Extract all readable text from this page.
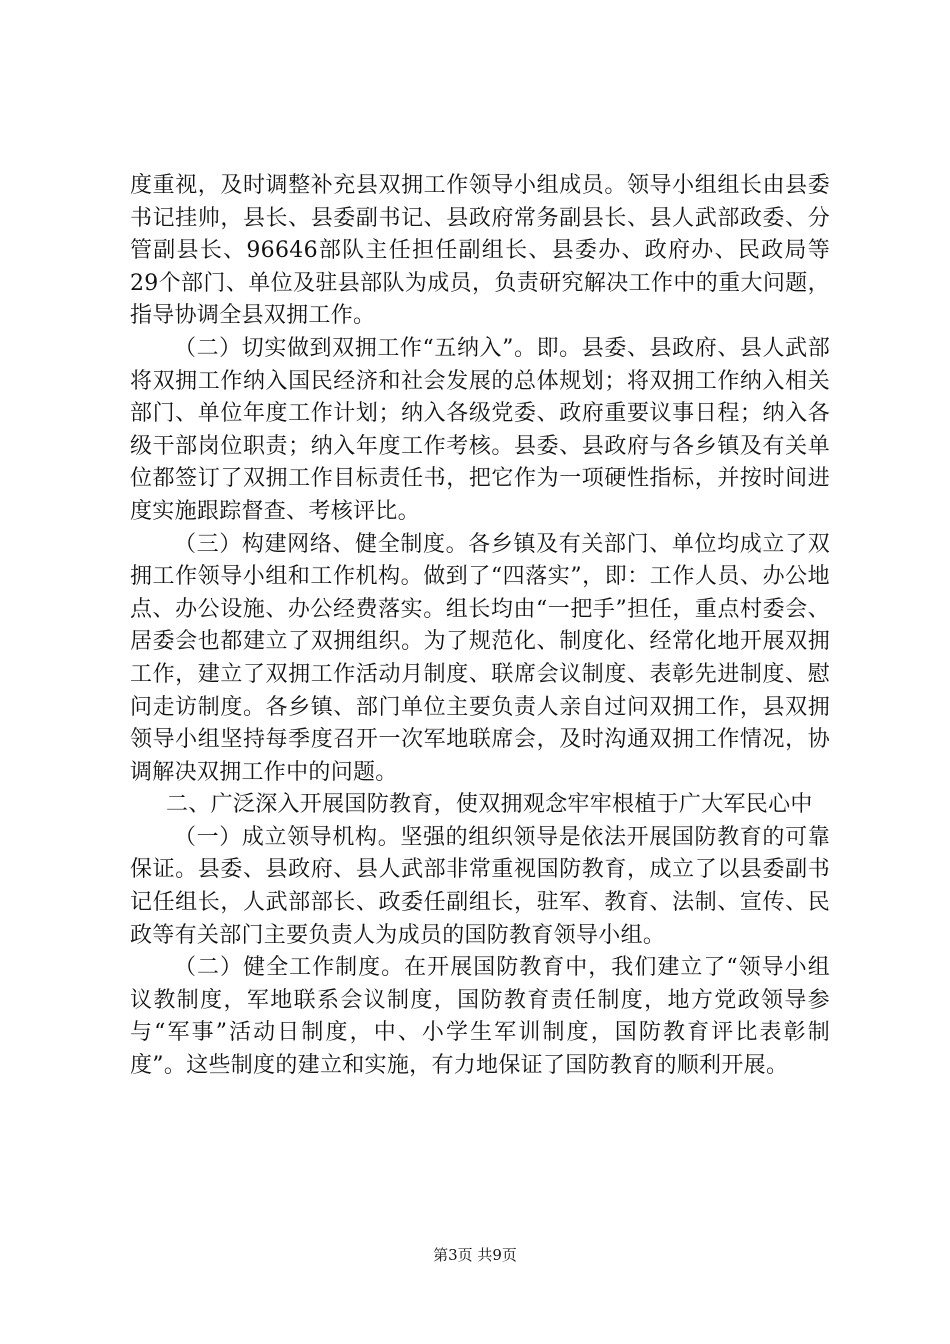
度重视，及时调整补充县双拥工作领导小组成员。领导小组组长由县委书记挂帅，县长、县委副书记、县政府常务副县长、县人武部政委、分管副县长、96646部队主任担任副组长、县委办、政府办、民政局等29个部门、单位及驻县部队为成员，负责研究解决工作中的重大问题，指导协调全县双拥工作。

（二）切实做到双拥工作“五纳入”。即。县委、县政府、县人武部将双拥工作纳入国民经济和社会发展的总体规划；将双拥工作纳入相关部门、单位年度工作计划；纳入各级党委、政府重要议事日程；纳入各级干部岗位职责；纳入年度工作考核。县委、县政府与各乡镇及有关单位都签订了双拥工作目标责任书，把它作为一项硬性指标，并按时间进度实施跟踪督查、考核评比。

（三）构建网络、健全制度。各乡镇及有关部门、单位均成立了双拥工作领导小组和工作机构。做到了“四落实”，即：工作人员、办公地点、办公设施、办公经费落实。组长均由“一把手”担任，重点村委会、居委会也都建立了双拥组织。为了规范化、制度化、经常化地开展双拥工作，建立了双拥工作活动月制度、联席会议制度、表彰先进制度、慰问走访制度。各乡镇、部门单位主要负责人亲自过问双拥工作，县双拥领导小组坚持每季度召开一次军地联席会，及时沟通双拥工作情况，协调解决双拥工作中的问题。

二、广泛深入开展国防教育，使双拥观念牢牢根植于广大军民心中

（一）成立领导机构。坚强的组织领导是依法开展国防教育的可靠保证。县委、县政府、县人武部非常重视国防教育，成立了以县委副书记任组长，人武部部长、政委任副组长，驻军、教育、法制、宣传、民政等有关部门主要负责人为成员的国防教育领导小组。

（二）健全工作制度。在开展国防教育中，我们建立了“领导小组议教制度，军地联系会议制度，国防教育责任制度，地方党政领导参与“军事”活动日制度，中、小学生军训制度，国防教育评比表彰制度”。这些制度的建立和实施，有力地保证了国防教育的顺利开展。

第3页 共9页
